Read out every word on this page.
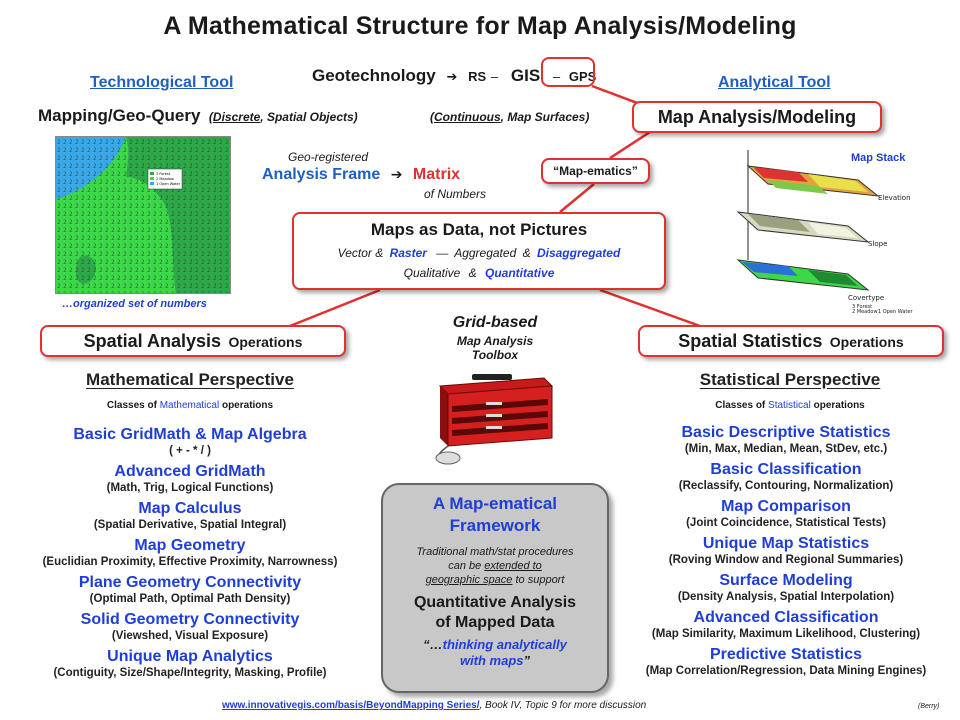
A Mathematical Structure for Map Analysis/Modeling
Geotechnology ➔ RS – GIS – GPS
Technological Tool	Analytical Tool
Mapping/Geo-Query (Discrete, Spatial Objects)	(Continuous, Map Surfaces)	Map Analysis/Modeling
3 Forest
2 Meadow
1 Open Water
…organized set of numbers
Geo-registered
Analysis Frame ➔ Matrix
of Numbers
“Map-ematics”
Map Stack
Elevation
Slope
Covertype
3 Forest
2 Meadow 1 Open Water
Maps as Data, not Pictures
Vector & Raster — Aggregated & Disaggregated
Qualitative & Quantitative
Spatial Analysis Operations	Spatial Statistics Operations
Grid-based
Map Analysis
Toolbox
Mathematical Perspective
Classes of Mathematical operations
Basic GridMath & Map Algebra
( + - * / )
Advanced GridMath
(Math, Trig, Logical Functions)
Map Calculus
(Spatial Derivative, Spatial Integral)
Map Geometry
(Euclidian Proximity, Effective Proximity, Narrowness)
Plane Geometry Connectivity
(Optimal Path, Optimal Path Density)
Solid Geometry Connectivity
(Viewshed, Visual Exposure)
Unique Map Analytics
(Contiguity, Size/Shape/Integrity, Masking, Profile)
Statistical Perspective
Classes of Statistical operations
Basic Descriptive Statistics
(Min, Max, Median, Mean, StDev, etc.)
Basic Classification
(Reclassify, Contouring, Normalization)
Map Comparison
(Joint Coincidence, Statistical Tests)
Unique Map Statistics
(Roving Window and Regional Summaries)
Surface Modeling
(Density Analysis, Spatial Interpolation)
Advanced Classification
(Map Similarity, Maximum Likelihood, Clustering)
Predictive Statistics
(Map Correlation/Regression, Data Mining Engines)
A Map-ematical
Framework
Traditional math/stat procedures
can be extended to
geographic space to support
Quantitative Analysis
of Mapped Data
“…thinking analytically
with maps”
www.innovativegis.com/basis/BeyondMapping Series/, Book IV, Topic 9 for more discussion	(Berry)
